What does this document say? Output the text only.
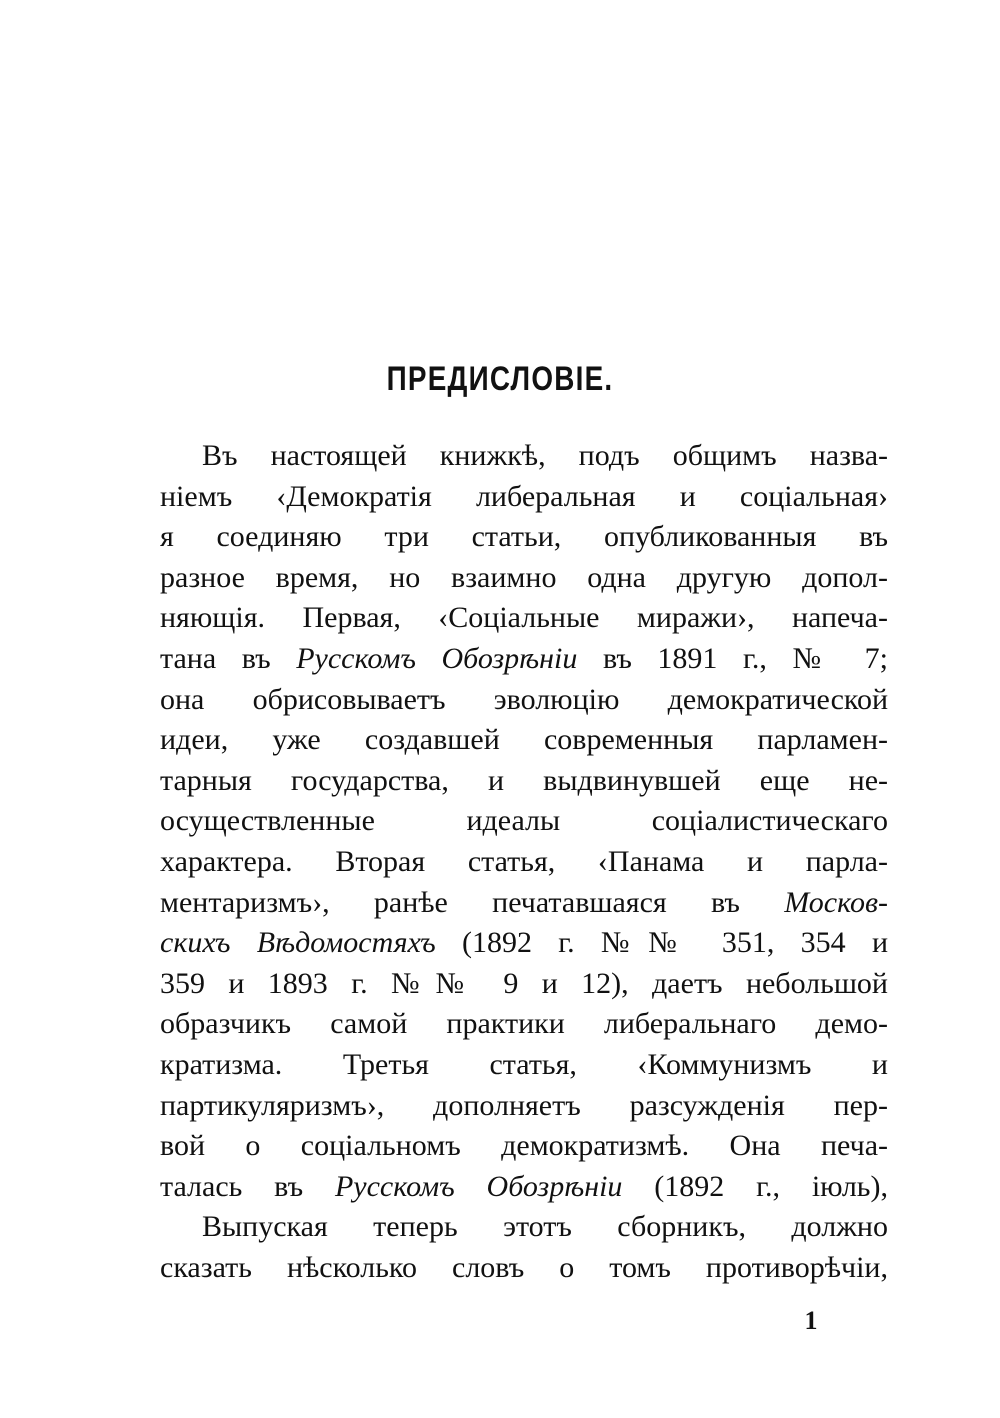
ПРЕДИСЛОВІЕ.
Въ настоящей книжкѣ, подъ общимъ назва-
ніемъ ‹Демократія либеральная и соціальная›
я соединяю три статьи, опубликованныя въ
разное время, но взаимно одна другую допол-
няющія. Первая, ‹Соціальные миражи›, напеча-
тана въ Русскомъ Обозрѣніи въ 1891 г., № 7;
она обрисовываетъ эволюцію демократической
идеи, уже создавшей современныя парламен-
тарныя государства, и выдвинувшей еще не-
осуществленные идеалы соціалистическаго
характера. Вторая статья, ‹Панама и парла-
ментаризмъ›, ранѣе печатавшаяся въ Москов-
скихъ Вѣдомостяхъ (1892 г. №№ 351, 354 и
359 и 1893 г. №№ 9 и 12), даетъ небольшой
образчикъ самой практики либеральнаго демо-
кратизма. Третья статья, ‹Коммунизмъ и
партикуляризмъ›, дополняетъ разсужденія пер-
вой о соціальномъ демократизмѣ. Она печа-
талась въ Русскомъ Обозрѣніи (1892 г., іюль),
Выпуская теперь этотъ сборникъ, должно
сказать нѣсколько словъ о томъ противорѣчіи,
1
